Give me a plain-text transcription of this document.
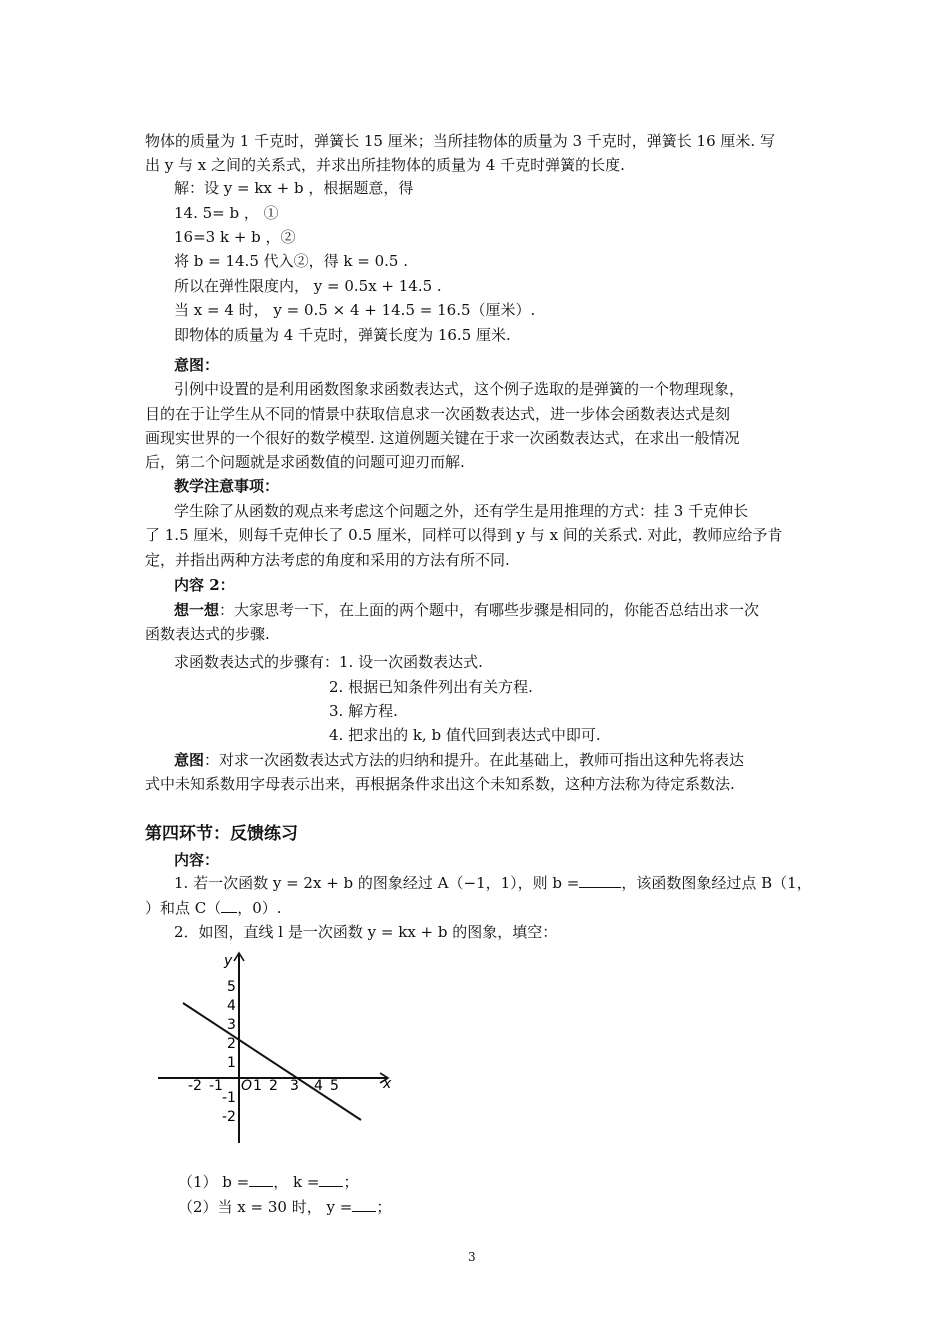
物体的质量为 1 千克时，弹簧长 15 厘米；当所挂物体的质量为 3 千克时，弹簧长 16 厘米. 写
出 y 与 x 之间的关系式，并求出所挂物体的质量为 4 千克时弹簧的长度.
解：设 y = kx + b ，根据题意，得
14. 5= b ， ①
16=3 k + b ，②
将 b = 14.5 代入②，得 k = 0.5 .
所以在弹性限度内， y = 0.5x + 14.5 .
当 x = 4 时， y = 0.5 × 4 + 14.5 = 16.5（厘米）.
即物体的质量为 4 千克时，弹簧长度为 16.5 厘米.
意图：
引例中设置的是利用函数图象求函数表达式，这个例子选取的是弹簧的一个物理现象，
目的在于让学生从不同的情景中获取信息求一次函数表达式，进一步体会函数表达式是刻
画现实世界的一个很好的数学模型. 这道例题关键在于求一次函数表达式，在求出一般情况
后，第二个问题就是求函数值的问题可迎刃而解.
教学注意事项：
学生除了从函数的观点来考虑这个问题之外，还有学生是用推理的方式：挂 3 千克伸长
了 1.5 厘米，则每千克伸长了 0.5 厘米，同样可以得到 y 与 x 间的关系式. 对此，教师应给予肯
定，并指出两种方法考虑的角度和采用的方法有所不同.
内容 2：
想一想：大家思考一下，在上面的两个题中，有哪些步骤是相同的，你能否总结出求一次
函数表达式的步骤.
求函数表达式的步骤有：1. 设一次函数表达式.
2. 根据已知条件列出有关方程.
3. 解方程.
4. 把求出的 k, b 值代回到表达式中即可.
意图：对求一次函数表达式方法的归纳和提升。在此基础上，教师可指出这种先将表达
式中未知系数用字母表示出来，再根据条件求出这个未知系数，这种方法称为待定系数法.
第四环节：反馈练习
内容：
1. 若一次函数 y = 2x + b 的图象经过 A（−1，1），则 b =	，该函数图象经过点 B（1，
）和点 C（ ，0）.
2．如图，直线 l 是一次函数 y = kx + b 的图象，填空：
x
y
-2 -1 O 1 2 3 4 5
5
4
3
2
1
-1
-2
（1） b = ， k = ；
（2）当 x = 30 时， y = ；
3
